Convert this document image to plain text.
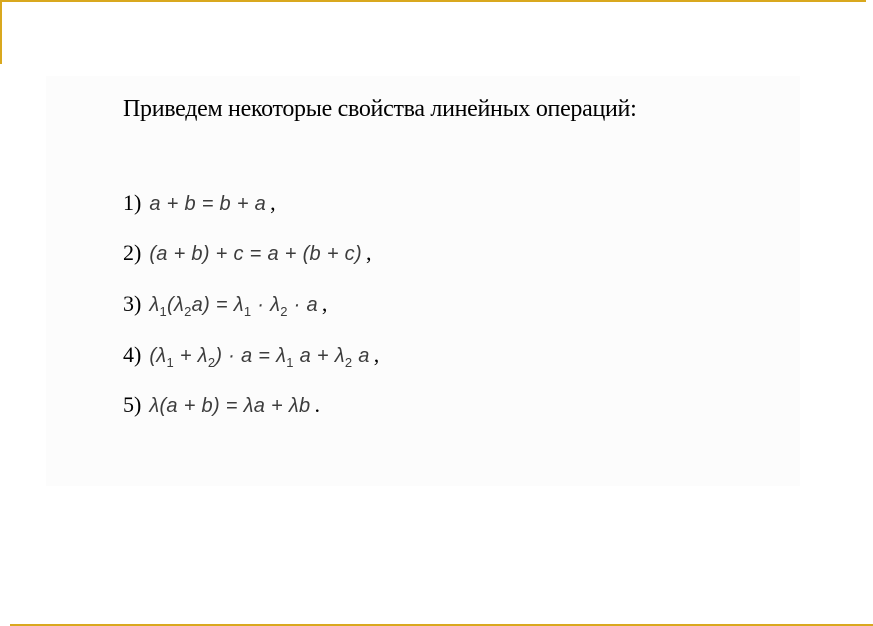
Приведем некоторые свойства линейных операций:
1) a + b = b + a ,
2) (a + b) + c = a + (b + c) ,
3) $\lambda_1(\lambda_2a) = \lambda_1 \cdot \lambda_2 \cdot a$ ,
4) $(\lambda_1 + \lambda_2) \cdot a = \lambda_1$ $a + \lambda_2$ a ,
5) λ(a + b) = λa + λb .
